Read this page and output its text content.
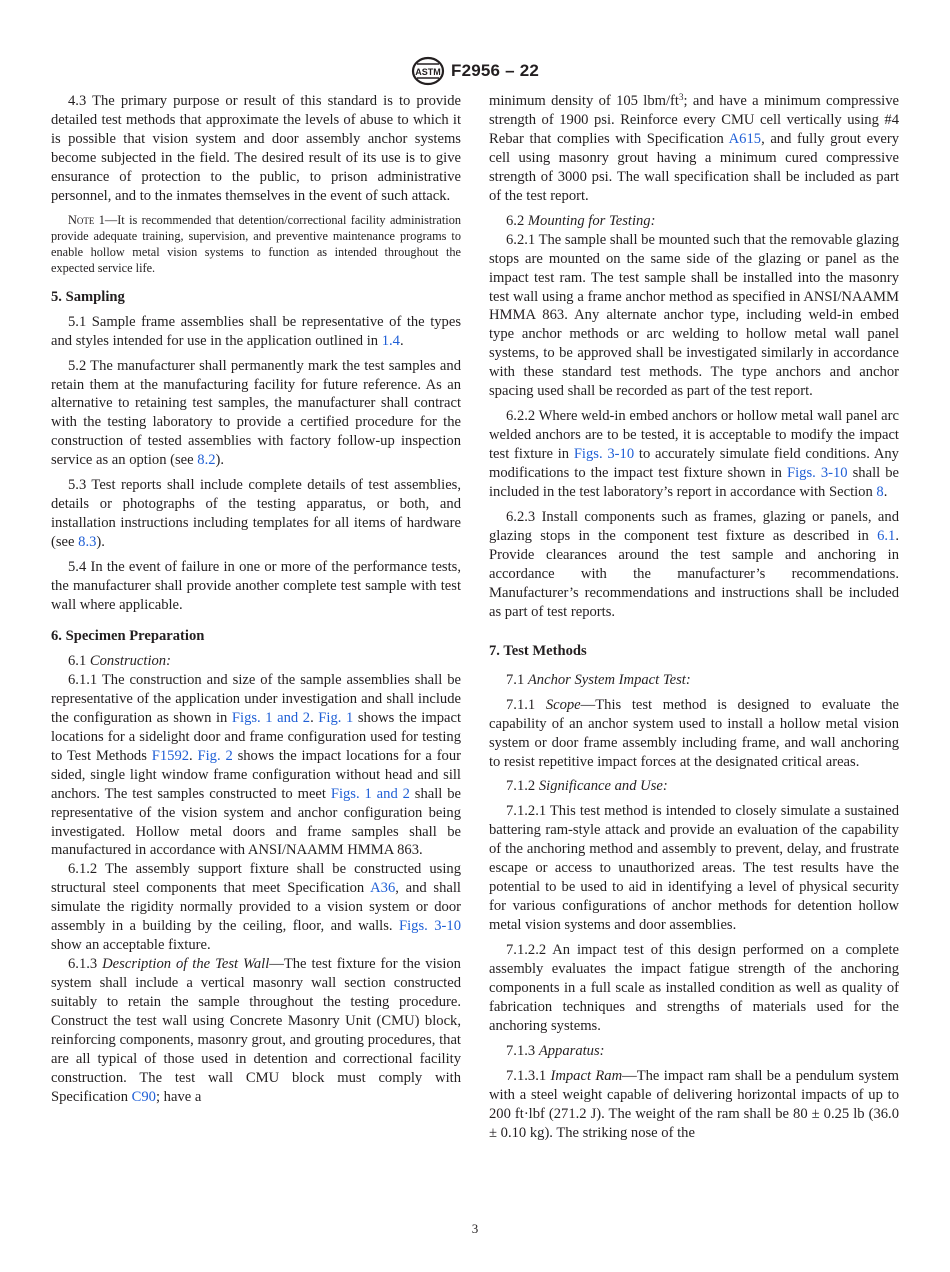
ASTM F2956 – 22

4.3 The primary purpose or result of this standard is to provide detailed test methods that approximate the levels of abuse to which it is possible that vision system and door assembly anchor systems become subjected in the field. The desired result of its use is to give ensurance of protection to the public, to prison administrative personnel, and to the inmates themselves in the event of such attack.

Note 1—It is recommended that detention/correctional facility administration provide adequate training, supervision, and preventive maintenance programs to enable hollow metal vision systems to function as intended throughout the expected service life.

5. Sampling

5.1 Sample frame assemblies shall be representative of the types and styles intended for use in the application outlined in 1.4.

5.2 The manufacturer shall permanently mark the test samples and retain them at the manufacturing facility for future reference. As an alternative to retaining test samples, the manufacturer shall contract with the testing laboratory to provide a certified procedure for the construction of tested assemblies with factory follow-up inspection service as an option (see 8.2).

5.3 Test reports shall include complete details of test assemblies, details or photographs of the testing apparatus, or both, and installation instructions including templates for all items of hardware (see 8.3).

5.4 In the event of failure in one or more of the performance tests, the manufacturer shall provide another complete test sample with test wall where applicable.

6. Specimen Preparation

6.1 Construction:

6.1.1 The construction and size of the sample assemblies shall be representative of the application under investigation and shall include the configuration as shown in Figs. 1 and 2. Fig. 1 shows the impact locations for a sidelight door and frame configuration used for testing to Test Methods F1592. Fig. 2 shows the impact locations for a four sided, single light window frame configuration without head and sill anchors. The test samples constructed to meet Figs. 1 and 2 shall be representative of the vision system and anchor configuration being investigated. Hollow metal doors and frame samples shall be manufactured in accordance with ANSI/NAAMM HMMA 863.

6.1.2 The assembly support fixture shall be constructed using structural steel components that meet Specification A36, and shall simulate the rigidity normally provided to a vision system or door assembly in a building by the ceiling, floor, and walls. Figs. 3-10 show an acceptable fixture.

6.1.3 Description of the Test Wall—The test fixture for the vision system shall include a vertical masonry wall section constructed suitably to retain the sample throughout the testing procedure. Construct the test wall using Concrete Masonry Unit (CMU) block, reinforcing components, masonry grout, and grouting procedures, that are all typical of those used in detention and correctional facility construction. The test wall CMU block must comply with Specification C90; have a

minimum density of 105 lbm/$ft^3$; and have a minimum compressive strength of 1900 psi. Reinforce every CMU cell vertically using #4 Rebar that complies with Specification A615, and fully grout every cell using masonry grout having a minimum cured compressive strength of 3000 psi. The wall specification shall be included as part of the test report.

6.2 Mounting for Testing:

6.2.1 The sample shall be mounted such that the removable glazing stops are mounted on the same side of the glazing or panel as the impact test ram. The test sample shall be installed into the masonry test wall using a frame anchor method as specified in ANSI/NAAMM HMMA 863. Any alternate anchor type, including weld-in embed type anchor methods or arc welding to hollow metal wall panel systems, to be approved shall be investigated similarly in accordance with these standard test methods. The type anchors and anchor spacing used shall be recorded as part of the test report.

6.2.2 Where weld-in embed anchors or hollow metal wall panel arc welded anchors are to be tested, it is acceptable to modify the impact test fixture in Figs. 3-10 to accurately simulate field conditions. Any modifications to the impact test fixture shown in Figs. 3-10 shall be included in the test laboratory’s report in accordance with Section 8.

6.2.3 Install components such as frames, glazing or panels, and glazing stops in the component test fixture as described in 6.1. Provide clearances around the test sample and anchoring in accordance with the manufacturer’s recommendations. Manufacturer’s recommendations and instructions shall be included as part of test reports.

7. Test Methods

7.1 Anchor System Impact Test:

7.1.1 Scope—This test method is designed to evaluate the capability of an anchor system used to install a hollow metal vision system or door frame assembly including frame, and wall anchoring to resist repetitive impact forces at the designated critical areas.

7.1.2 Significance and Use:

7.1.2.1 This test method is intended to closely simulate a sustained battering ram-style attack and provide an evaluation of the capability of the anchoring method and assembly to prevent, delay, and frustrate escape or access to unauthorized areas. The test results have the potential to be used to aid in identifying a level of physical security for various configurations of anchor methods for detention hollow metal vision systems and door assemblies.

7.1.2.2 An impact test of this design performed on a complete assembly evaluates the impact fatigue strength of the anchoring components in a full scale as installed condition as well as quality of fabrication techniques and strengths of materials used for the anchoring systems.

7.1.3 Apparatus:

7.1.3.1 Impact Ram—The impact ram shall be a pendulum system with a steel weight capable of delivering horizontal impacts of up to 200 ft·lbf (271.2 J). The weight of the ram shall be 80 ± 0.25 lb (36.0 ± 0.10 kg). The striking nose of the

3
